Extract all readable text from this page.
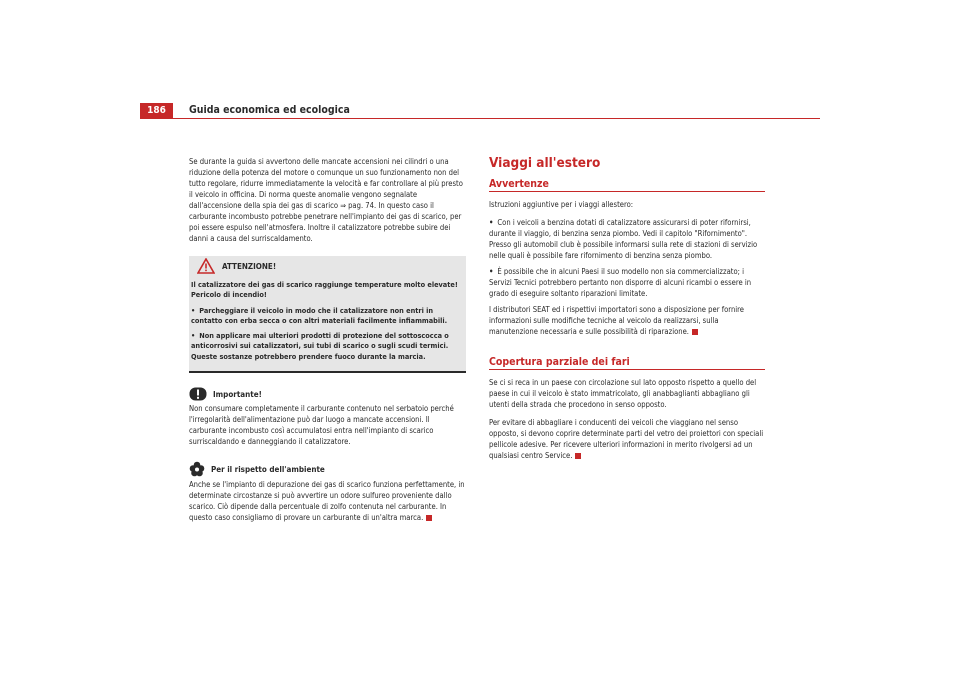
186	Guida economica ed ecologica

Se durante la guida si avvertono delle mancate accensioni nei cilindri o una riduzione della potenza del motore o comunque un suo funzionamento non del tutto regolare, ridurre immediatamente la velocità e far controllare al più presto il veicolo in officina. Di norma queste anomalie vengono segnalate dall'accensione della spia dei gas di scarico ⇒ pag. 74. In questo caso il carburante incombusto potrebbe penetrare nell'impianto dei gas di scarico, per poi essere espulso nell'atmosfera. Inoltre il catalizzatore potrebbe subire dei danni a causa del surriscaldamento.

ATTENZIONE!

Il catalizzatore dei gas di scarico raggiunge temperature molto elevate! Pericolo di incendio!

• Parcheggiare il veicolo in modo che il catalizzatore non entri in contatto con erba secca o con altri materiali facilmente infiammabili.

• Non applicare mai ulteriori prodotti di protezione del sottoscocca o anticorrosivi sui catalizzatori, sui tubi di scarico o sugli scudi termici. Queste sostanze potrebbero prendere fuoco durante la marcia.

Importante!

Non consumare completamente il carburante contenuto nel serbatoio perché l'irregolarità dell'alimentazione può dar luogo a mancate accensioni. Il carburante incombusto così accumulatosi entra nell'impianto di scarico surriscaldando e danneggiando il catalizzatore.

Per il rispetto dell'ambiente

Anche se l'impianto di depurazione dei gas di scarico funziona perfettamente, in determinate circostanze si può avvertire un odore sulfureo proveniente dallo scarico. Ciò dipende dalla percentuale di zolfo contenuta nel carburante. In questo caso consigliamo di provare un carburante di un'altra marca.

Viaggi all'estero
Avvertenze

Istruzioni aggiuntive per i viaggi allestero:

• Con i veicoli a benzina dotati di catalizzatore assicurarsi di poter rifornirsi, durante il viaggio, di benzina senza piombo. Vedi il capitolo "Rifornimento". Presso gli automobil club è possibile informarsi sulla rete di stazioni di servizio nelle quali è possibile fare rifornimento di benzina senza piombo.

• È possibile che in alcuni Paesi il suo modello non sia commercializzato; i Servizi Tecnici potrebbero pertanto non disporre di alcuni ricambi o essere in grado di eseguire soltanto riparazioni limitate.

I distributori SEAT ed i rispettivi importatori sono a disposizione per fornire informazioni sulle modifiche tecniche al veicolo da realizzarsi, sulla manutenzione necessaria e sulle possibilità di riparazione.

Copertura parziale dei fari

Se ci si reca in un paese con circolazione sul lato opposto rispetto a quello del paese in cui il veicolo è stato immatricolato, gli anabbaglianti abbagliano gli utenti della strada che procedono in senso opposto.

Per evitare di abbagliare i conducenti dei veicoli che viaggiano nel senso opposto, si devono coprire determinate parti del vetro dei proiettori con speciali pellicole adesive. Per ricevere ulteriori informazioni in merito rivolgersi ad un qualsiasi centro Service.
